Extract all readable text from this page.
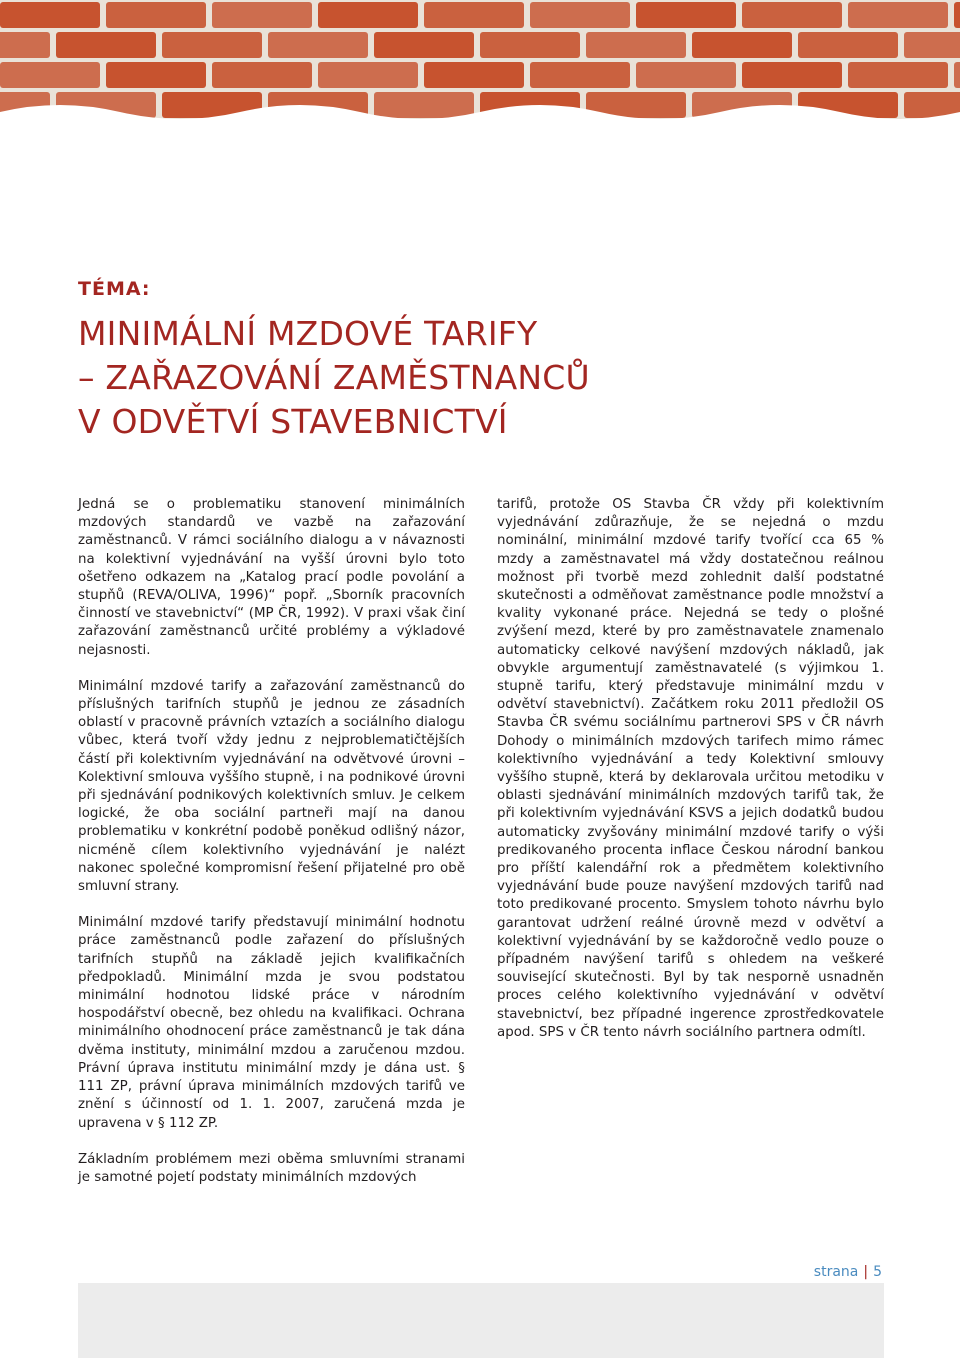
TÉMA:

MINIMÁLNÍ MZDOVÉ TARIFY
– ZAŘAZOVÁNÍ ZAMĚSTNANCŮ
V ODVĚTVÍ STAVEBNICTVÍ

Jedná se o problematiku stanovení minimálních mzdových standardů ve vazbě na zařazování zaměstnanců. V rámci sociálního dialogu a v návaznosti na kolektivní vyjednávání na vyšší úrovni bylo toto ošetřeno odkazem na „Katalog prací podle povolání a stupňů (REVA/OLIVA, 1996)“ popř. „Sborník pracovních činností ve stavebnictví“ (MP ČR, 1992). V praxi však činí zařazování zaměstnanců určité problémy a výkladové nejasnosti.

Minimální mzdové tarify a zařazování zaměstnanců do příslušných tarifních stupňů je jednou ze zásadních oblastí v pracovně právních vztazích a sociálního dialogu vůbec, která tvoří vždy jednu z nejproblematičtějších částí při kolektivním vyjednávání na odvětvové úrovni – Kolektivní smlouva vyššího stupně, i na podnikové úrovni při sjednávání podnikových kolektivních smluv. Je celkem logické, že oba sociální partneři mají na danou problematiku v konkrétní podobě poněkud odlišný názor, nicméně cílem kolektivního vyjednávání je nalézt nakonec společné kompromisní řešení přijatelné pro obě smluvní strany.

Minimální mzdové tarify představují minimální hodnotu práce zaměstnanců podle zařazení do příslušných tarifních stupňů na základě jejich kvalifikačních předpokladů. Minimální mzda je svou podstatou minimální hodnotou lidské práce v národním hospodářství obecně, bez ohledu na kvalifikaci. Ochrana minimálního ohodnocení práce zaměstnanců je tak dána dvěma instituty, minimální mzdou a zaručenou mzdou. Právní úprava institutu minimální mzdy je dána ust. § 111 ZP, právní úprava minimálních mzdových tarifů ve znění s účinností od 1. 1. 2007, zaručená mzda je upravena v § 112 ZP.

Základním problémem mezi oběma smluvními stranami je samotné pojetí podstaty minimálních mzdových

tarifů, protože OS Stavba ČR vždy při kolektivním vyjednávání zdůrazňuje, že se nejedná o mzdu nominální, minimální mzdové tarify tvořící cca 65 % mzdy a zaměstnavatel má vždy dostatečnou reálnou možnost při tvorbě mezd zohlednit další podstatné skutečnosti a odměňovat zaměstnance podle množství a kvality vykonané práce. Nejedná se tedy o plošné zvýšení mezd, které by pro zaměstnavatele znamenalo automaticky celkové navýšení mzdových nákladů, jak obvykle argumentují zaměstnavatelé (s výjimkou 1. stupně tarifu, který představuje minimální mzdu v odvětví stavebnictví). Začátkem roku 2011 předložil OS Stavba ČR svému sociálnímu partnerovi SPS v ČR návrh Dohody o minimálních mzdových tarifech mimo rámec kolektivního vyjednávání a tedy Kolektivní smlouvy vyššího stupně, která by deklarovala určitou metodiku v oblasti sjednávání minimálních mzdových tarifů tak, že při kolektivním vyjednávání KSVS a jejich dodatků budou automaticky zvyšovány minimální mzdové tarify o výši predikovaného procenta inflace Českou národní bankou pro příští kalendářní rok a předmětem kolektivního vyjednávání bude pouze navýšení mzdových tarifů nad toto predikované procento. Smyslem tohoto návrhu bylo garantovat udržení reálné úrovně mezd v odvětví a kolektivní vyjednávání by se každoročně vedlo pouze o případném navýšení tarifů s ohledem na veškeré související skutečnosti. Byl by tak nesporně usnadněn proces celého kolektivního vyjednávání v odvětví stavebnictví, bez případné ingerence zprostředkovatele apod. SPS v ČR tento návrh sociálního partnera odmítl.

strana | 5
